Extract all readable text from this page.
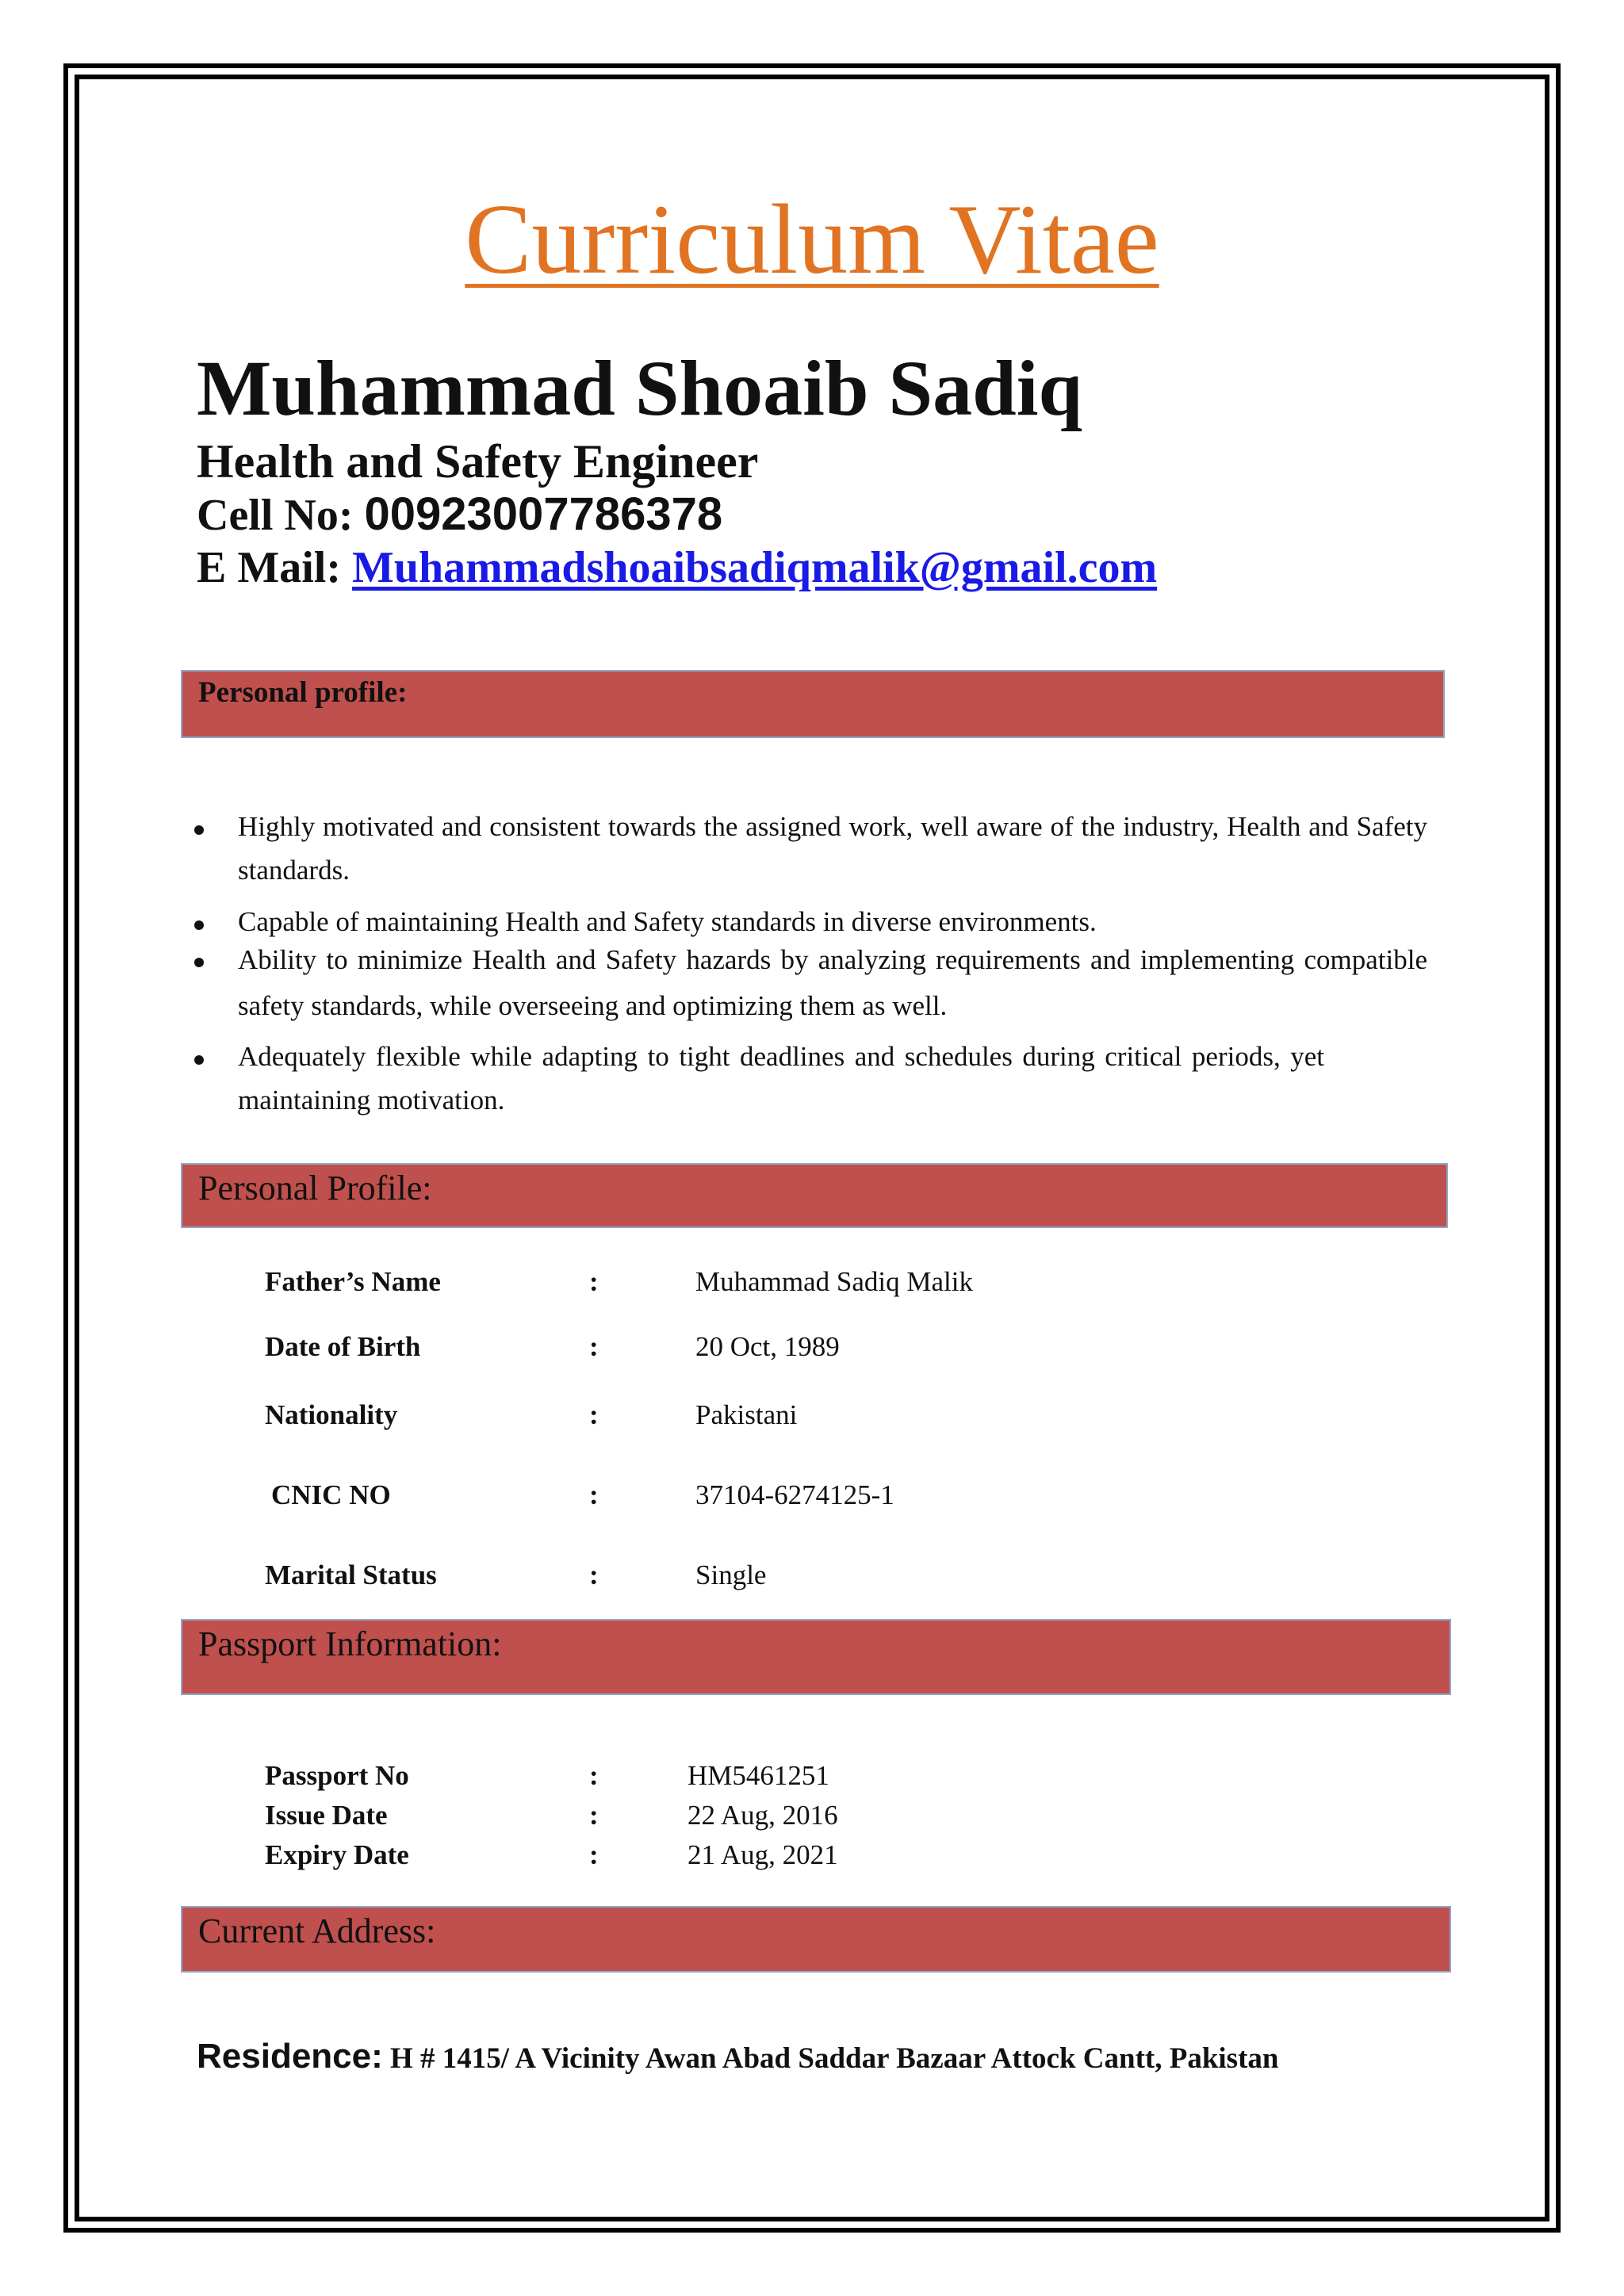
Curriculum Vitae
Muhammad Shoaib Sadiq
Health and Safety Engineer
Cell No: 00923007786378
E Mail: Muhammadshoaibsadiqmalik@gmail.com
Personal profile:
Highly motivated and consistent towards the assigned work, well aware of the industry, Health and Safety standards.
Capable of maintaining Health and Safety standards in diverse environments.
Ability to minimize Health and Safety hazards by analyzing requirements and implementing compatible safety standards, while overseeing and optimizing them as well.
Adequately flexible while adapting to tight deadlines and schedules during critical periods, yet maintaining motivation.
Personal Profile:
Father’s Name	:	Muhammad Sadiq Malik
Date of Birth	:	20 Oct, 1989
Nationality	:	Pakistani
CNIC NO	:	37104-6274125-1
Marital Status	:	Single
Passport Information:
Passport No	:	HM5461251
Issue Date	:	22 Aug, 2016
Expiry Date	:	21 Aug, 2021
Current Address:
Residence: H # 1415/ A Vicinity Awan Abad Saddar Bazaar Attock Cantt, Pakistan
